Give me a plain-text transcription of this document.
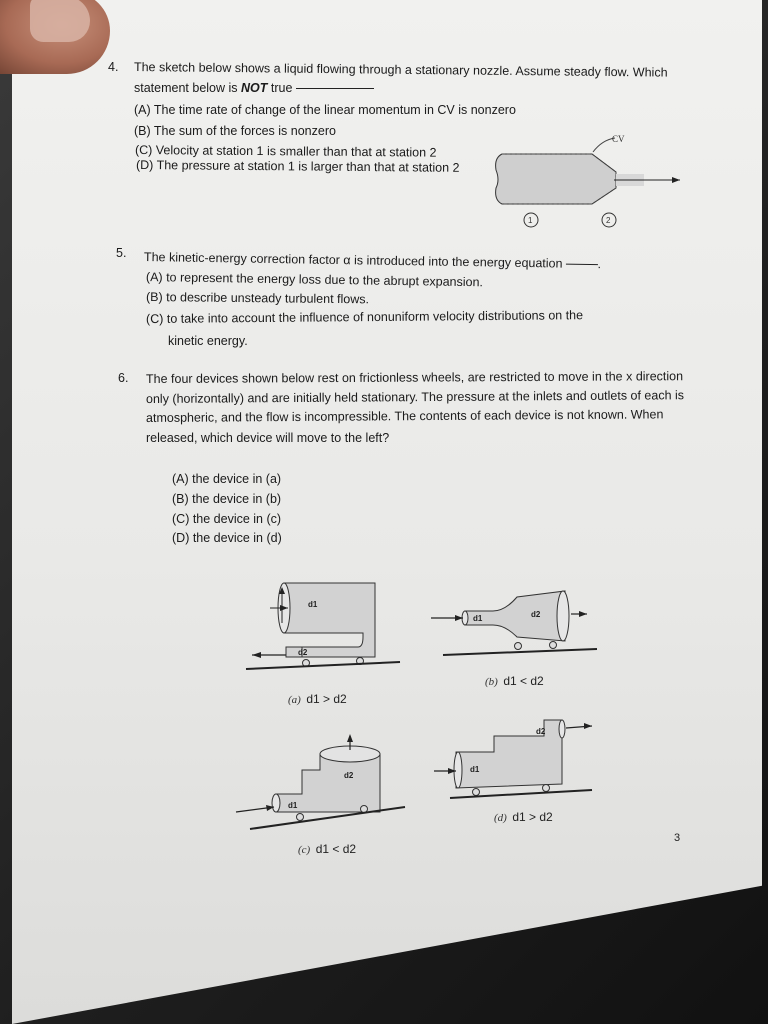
4. The sketch below shows a liquid flowing through a stationary nozzle. Assume steady flow. Which
statement below is NOT true
(A) The time rate of change of the linear momentum in CV is nonzero
(B) The sum of the forces is nonzero
(C) Velocity at station 1 is smaller than that at station 2
(D) The pressure at station 1 is larger than that at station 2
CV
1	2
5. The kinetic-energy correction factor α is introduced into the energy equation	.
(A) to represent the energy loss due to the abrupt expansion.
(B) to describe unsteady turbulent flows.
(C) to take into account the influence of nonuniform velocity distributions on the
kinetic energy.
6. The four devices shown below rest on frictionless wheels, are restricted to move in the x direction
only (horizontally) and are initially held stationary. The pressure at the inlets and outlets of each is
atmospheric, and the flow is incompressible. The contents of each device is not known. When
released, which device will move to the left?
(A) the device in (a)
(B) the device in (b)
(C) the device in (c)
(D) the device in (d)
d1
d2
(a) d1 > d2
d1	d2
(b) d1 < d2
d1
d2
(c) d1 < d2
d1
d2
(d) d1 > d2
3
